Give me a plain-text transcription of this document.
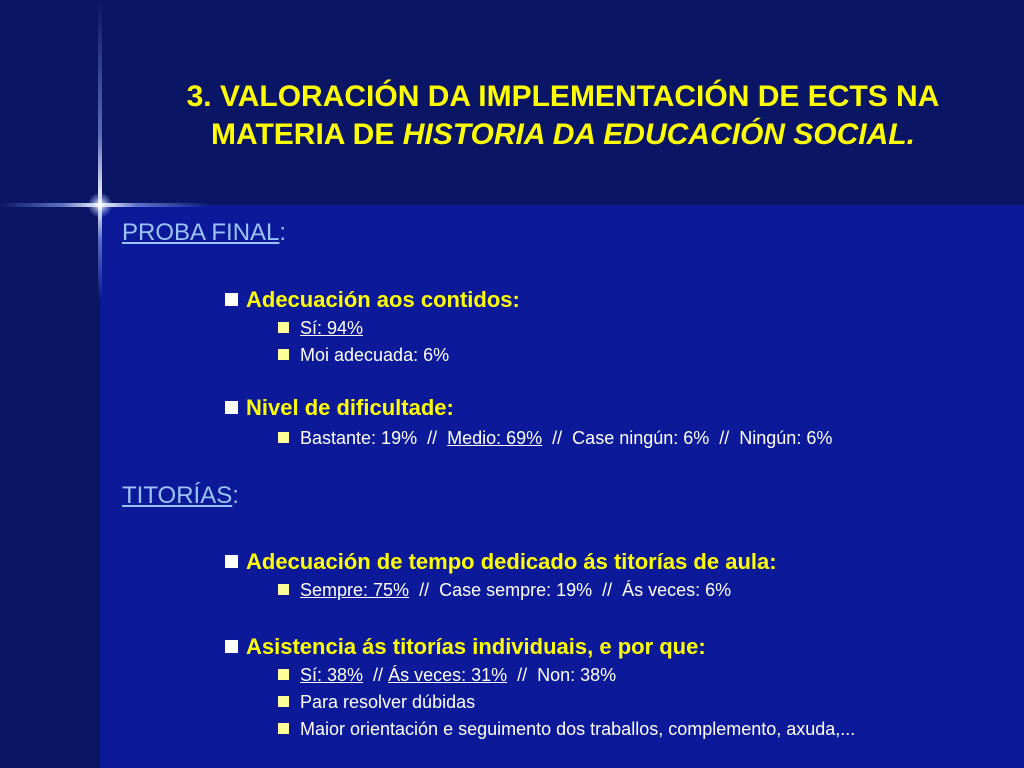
3. VALORACIÓN DA IMPLEMENTACIÓN DE ECTS NA
MATERIA DE HISTORIA DA EDUCACIÓN SOCIAL.
PROBA FINAL:
Adecuación aos contidos:
Sí: 94%
Moi adecuada: 6%
Nivel de dificultade:
Bastante: 19%  //  Medio: 69%  //  Case ningún: 6%  //  Ningún: 6%
TITORÍAS:
Adecuación de tempo dedicado ás titorías de aula:
Sempre: 75%  //  Case sempre: 19%  //  Ás veces: 6%
Asistencia ás titorías individuais, e por que:
Sí: 38%  // Ás veces: 31%  //  Non: 38%
Para resolver dúbidas
Maior orientación e seguimento dos traballos, complemento, axuda,...
